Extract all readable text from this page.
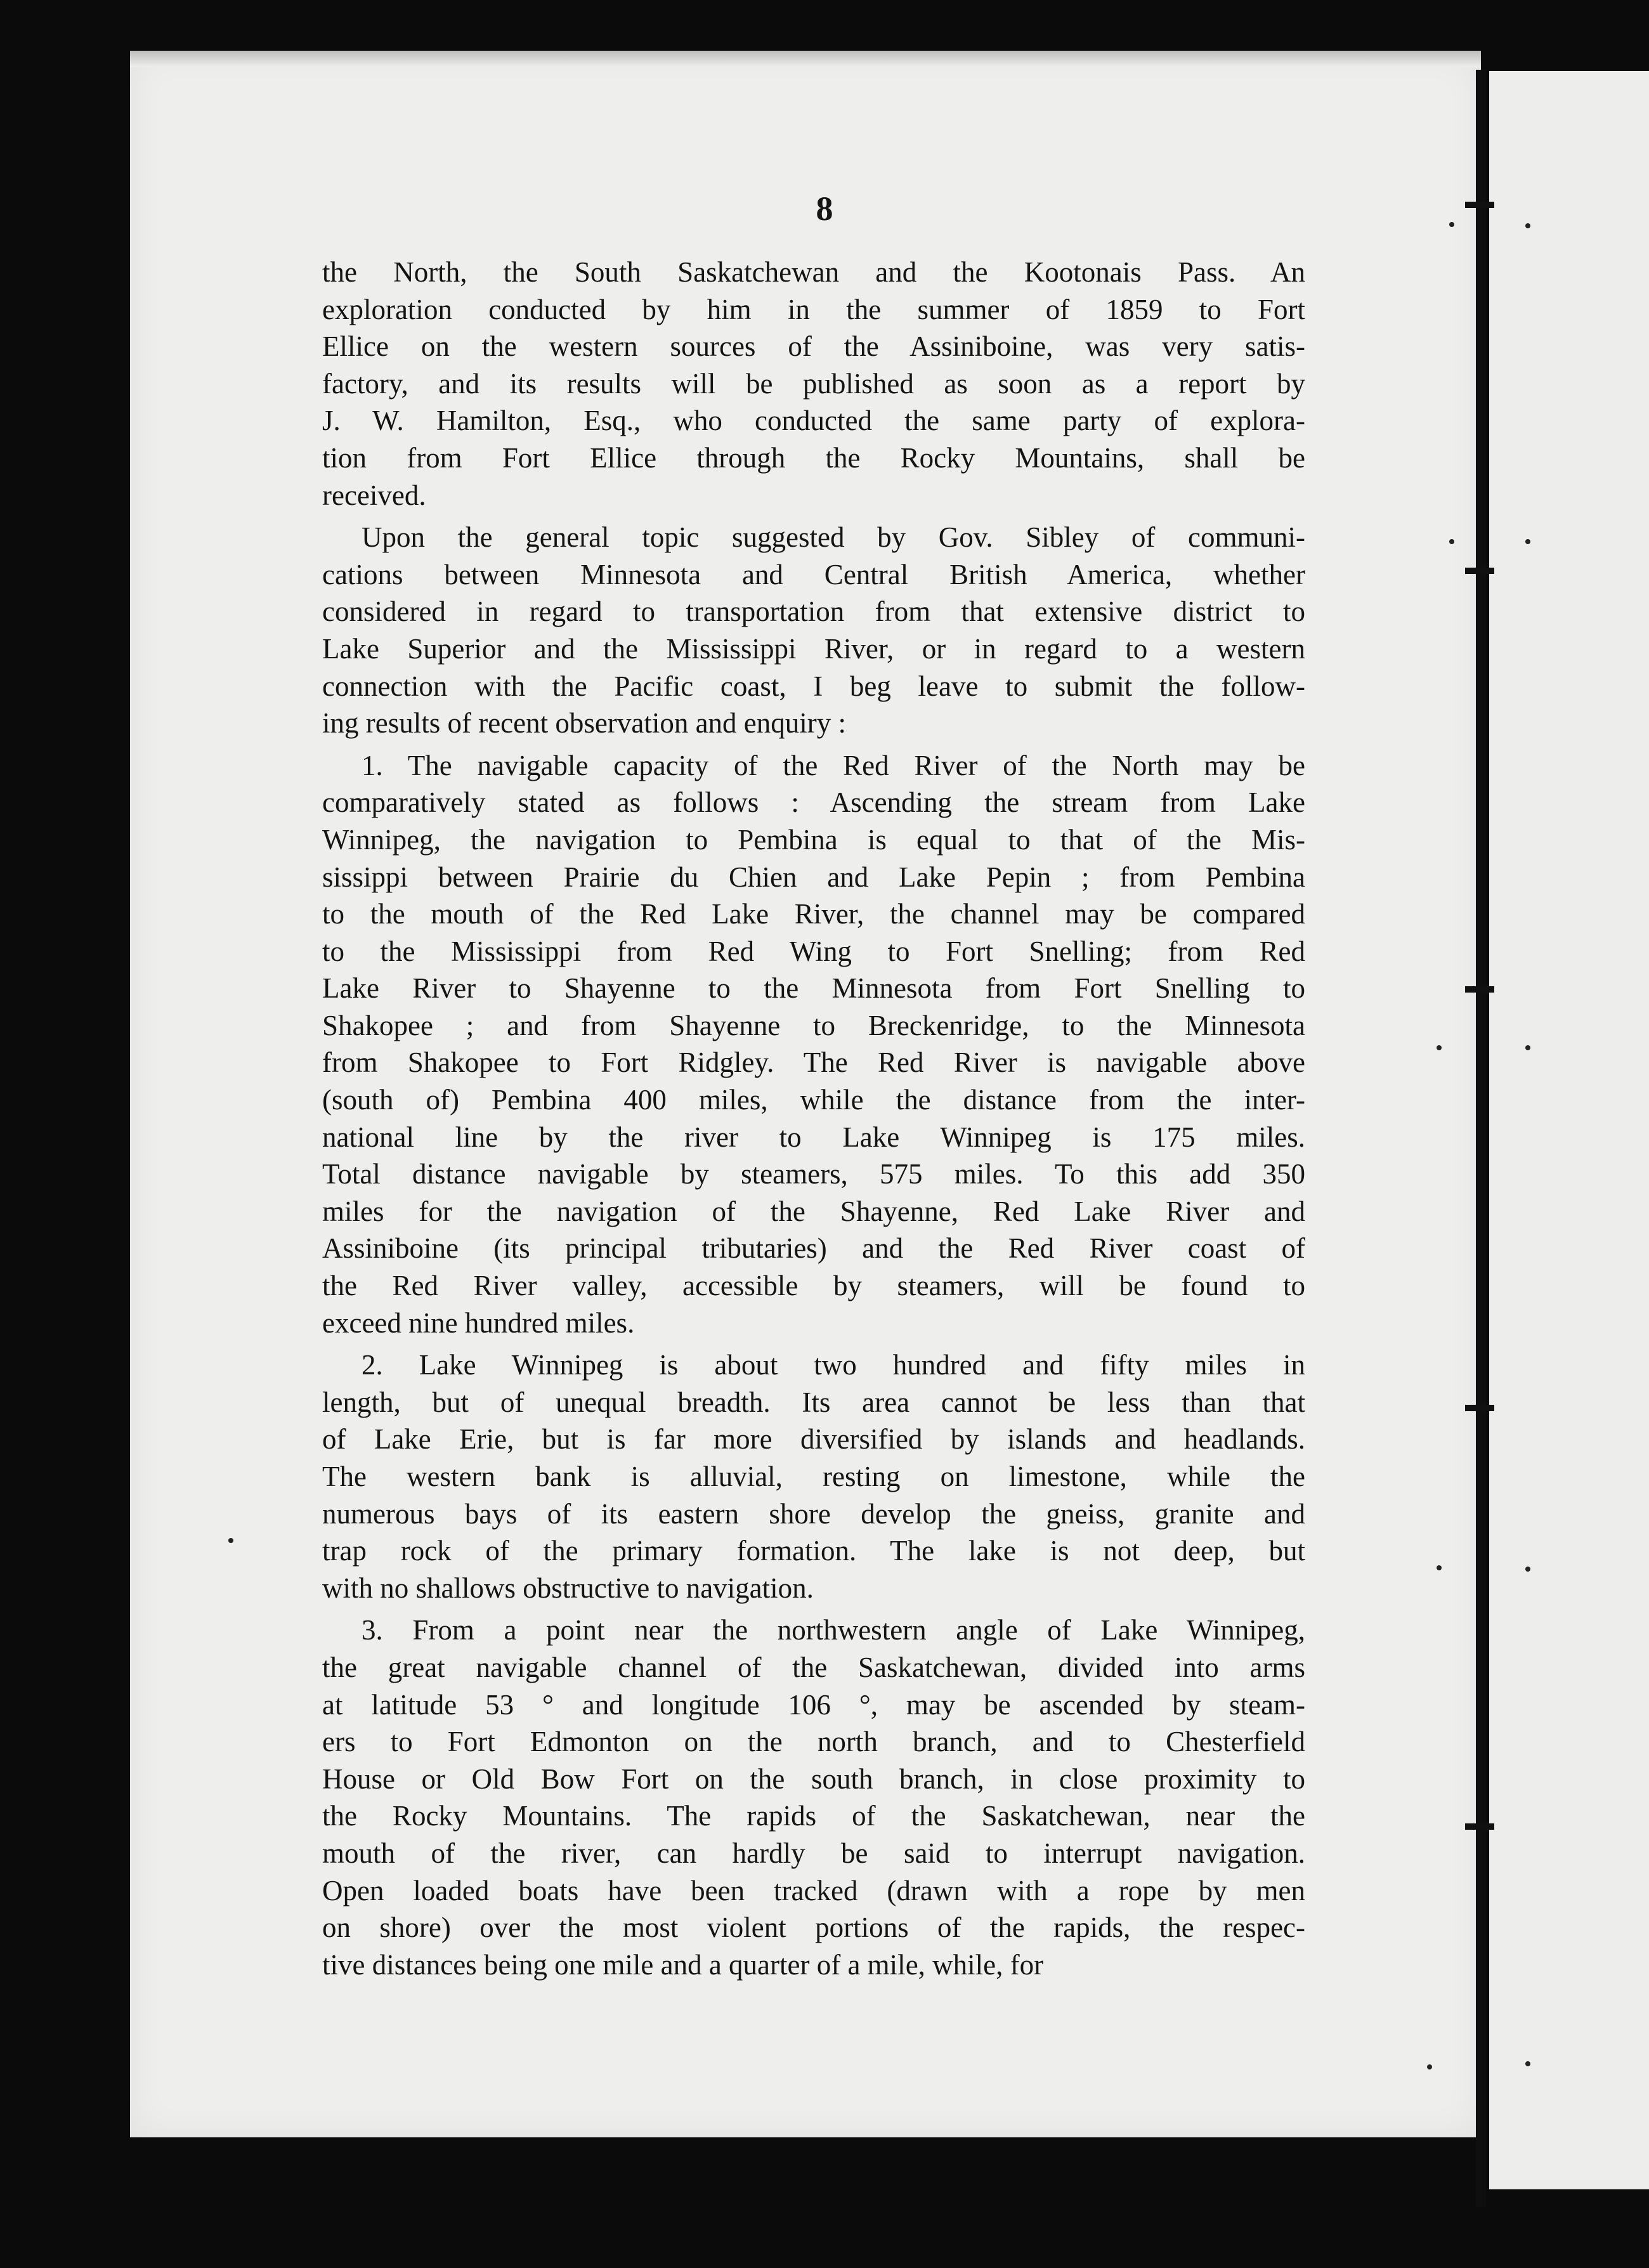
8
the North, the South Saskatchewan and the Kootonais Pass. An
exploration conducted by him in the summer of 1859 to Fort
Ellice on the western sources of the Assiniboine, was very satis-
factory, and its results will be published as soon as a report by
J. W. Hamilton, Esq., who conducted the same party of explora-
tion from Fort Ellice through the Rocky Mountains, shall be
received.
Upon the general topic suggested by Gov. Sibley of communi-
cations between Minnesota and Central British America, whether
considered in regard to transportation from that extensive district to
Lake Superior and the Mississippi River, or in regard to a western
connection with the Pacific coast, I beg leave to submit the follow-
ing results of recent observation and enquiry :
1. The navigable capacity of the Red River of the North may be
comparatively stated as follows : Ascending the stream from Lake
Winnipeg, the navigation to Pembina is equal to that of the Mis-
sissippi between Prairie du Chien and Lake Pepin ; from Pembina
to the mouth of the Red Lake River, the channel may be compared
to the Mississippi from Red Wing to Fort Snelling; from Red
Lake River to Shayenne to the Minnesota from Fort Snelling to
Shakopee ; and from Shayenne to Breckenridge, to the Minnesota
from Shakopee to Fort Ridgley. The Red River is navigable above
(south of) Pembina 400 miles, while the distance from the inter-
national line by the river to Lake Winnipeg is 175 miles.
Total distance navigable by steamers, 575 miles. To this add 350
miles for the navigation of the Shayenne, Red Lake River and
Assiniboine (its principal tributaries) and the Red River coast of
the Red River valley, accessible by steamers, will be found to
exceed nine hundred miles.
2. Lake Winnipeg is about two hundred and fifty miles in
length, but of unequal breadth. Its area cannot be less than that
of Lake Erie, but is far more diversified by islands and headlands.
The western bank is alluvial, resting on limestone, while the
numerous bays of its eastern shore develop the gneiss, granite and
trap rock of the primary formation. The lake is not deep, but
with no shallows obstructive to navigation.
3. From a point near the northwestern angle of Lake Winnipeg,
the great navigable channel of the Saskatchewan, divided into arms
at latitude 53 ° and longitude 106 °, may be ascended by steam-
ers to Fort Edmonton on the north branch, and to Chesterfield
House or Old Bow Fort on the south branch, in close proximity to
the Rocky Mountains. The rapids of the Saskatchewan, near the
mouth of the river, can hardly be said to interrupt navigation.
Open loaded boats have been tracked (drawn with a rope by men
on shore) over the most violent portions of the rapids, the respec-
tive distances being one mile and a quarter of a mile, while, for
